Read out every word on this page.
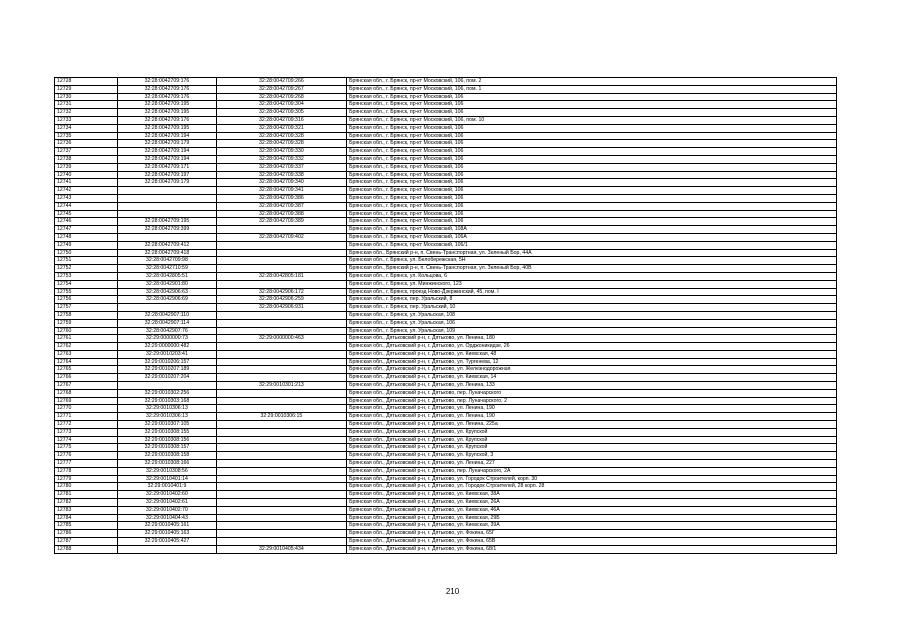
12728	32:28:0042709:176	32:28:0042709:266	Брянская обл., г. Брянск, пр-кт Московский, 106, пом. 2
12729	32:28:0042709:176	32:28:0042709:267	Брянская обл., г. Брянск, пр-кт Московский, 106, пом. 1
12730	32:28:0042709:176	32:28:0042709:268	Брянская обл., г. Брянск, пр-кт Московский, 106
12731	32:28:0042709:195	32:28:0042709:304	Брянская обл., г. Брянск, пр-кт Московский, 106
12732	32:28:0042709:195	32:28:0042709:305	Брянская обл., г. Брянск, пр-кт Московский, 106
12733	32:28:0042709:176	32:28:0042709:316	Брянская обл., г. Брянск, пр-кт Московский, 106, пом. 10
12734	32:28:0042709:195	32:28:0042709:321	Брянская обл., г. Брянск, пр-кт Московский, 106
12735	32:28:0042709:194	32:28:0042709:328	Брянская обл., г. Брянск, пр-кт Московский, 106
12736	32:28:0042709:179	32:28:0042709:328	Брянская обл., г. Брянск, пр-кт Московский, 106
12737	32:28:0042709:194	32:28:0042709:330	Брянская обл., г. Брянск, пр-кт Московский, 106
12738	32:28:0042709:194	32:28:0042709:332	Брянская обл., г. Брянск, пр-кт Московский, 106
12739	32:28:0042709:171	32:28:0042709:337	Брянская обл., г. Брянск, пр-кт Московский, 106
12740	32:28:0042709:197	32:28:0042709:338	Брянская обл., г. Брянск, пр-кт Московский, 106
12741	32:28:0042709:179	32:28:0042709:340	Брянская обл., г. Брянск, пр-кт Московский, 106
12742		32:28:0042709:341	Брянская обл., г. Брянск, пр-кт Московский, 106
12743		32:28:0042709:386	Брянская обл., г. Брянск, пр-кт Московский, 106
12744		32:28:0042709:387	Брянская обл., г. Брянск, пр-кт Московский, 106
12745		32:28:0042709:388	Брянская обл., г. Брянск, пр-кт Московский, 106
12746	32:28:0042709:195	32:28:0042709:389	Брянская обл., г. Брянск, пр-кт Московский, 106
12747	32:28:0042709:399		Брянская обл., г. Брянск, пр-кт Московский, 108А
12748		32:28:0042709:402	Брянская обл., г. Брянск, пр-кт Московский, 106А
12749	32:28:0042709:412		Брянская обл., г. Брянск, пр-кт Московский, 106/1
12750	32:28:0042709:418		Брянская обл., Брянский р-н, п. Свень-Транспортная, ул. Зеленый Бор, 44А
12751	32:28:0042709:98		Брянская обл., г. Брянск, ул. Белобережская, 5Н
12752	32:28:0042710:59		Брянская обл., Брянский р-н, п. Свень-Транспортная, ул. Зеленый Бор, 40В
12753	32:28:0042805:51	32:28:0042805:181	Брянская обл., г. Брянск, ул. Кольцова, 6
12754	32:28:0042901:80		Брянская обл., г. Брянск, ул. Минжинского, 123
12755	32:28:0042906:63	32:28:0042906:172	Брянская обл., г. Брянск, проезд Ново-Дзержинский, 45, пом. I
12756	32:28:0042906:69	32:28:0042906:259	Брянская обл., г. Брянск, пер. Уральский, 8
12757		32:28:0042906:931	Брянская обл., г. Брянск, пер. Уральский, 10
12758	32:28:0042907:110		Брянская обл., г. Брянск, ул. Уральская, 108
12759	32:28:0042907:114		Брянская обл., г. Брянск, ул. Уральская, 106
12760	32:28:0042907:76		Брянская обл., г. Брянск, ул. Уральская, 109
12761	32:29:0000000:73	32:29:0000000:463	Брянская обл., Дятьковский р-н, г. Дятьково, ул. Ленина, 180
12762	32:29:0000000:482		Брянская обл., Дятьковский р-н, г. Дятьково, ул. Орджоникидзе, 26
12763	32:29:0010203:41		Брянская обл., Дятьковский р-н, г. Дятьково, ул. Киевская, 48
12764	32:29:0010206:157		Брянская обл., Дятьковский р-н, г. Дятьково, ул. Тургенева, 12
12765	32:29:0010207:189		Брянская обл., Дятьковский р-н, г. Дятьково, ул. Железнодорожная
12766	32:29:0010207:204		Брянская обл., Дятьковский р-н, г. Дятьково, ул. Киевская, 14
12767		32:29:0010301:213	Брянская обл., Дятьковский р-н, г. Дятьково, ул. Ленина, 133
12768	32:29:0010302:256		Брянская обл., Дятьковский р-н, г. Дятьково, пер. Луначарского
12769	32:29:0010303:168		Брянская обл., Дятьковский р-н, г. Дятьково, пер. Луначарского, 2
12770	32:29:0010306:13		Брянская обл., Дятьковский р-н, г. Дятьково, ул. Ленина, 190
12771	32:29:0010306:13	32:29:0010306:15	Брянская обл., Дятьковский р-н, г. Дятьково, ул. Ленина, 190
12772	32:29:0010307:105		Брянская обл., Дятьковский р-н, г. Дятьково, ул. Ленина, 225а
12773	32:29:0010308:155		Брянская обл., Дятьковский р-н, г. Дятьково, ул. Крупской
12774	32:29:0010308:156		Брянская обл., Дятьковский р-н, г. Дятьково, ул. Крупской
12775	32:29:0010308:157		Брянская обл., Дятьковский р-н, г. Дятьково, ул. Крупской
12776	32:29:0010308:158		Брянская обл., Дятьковский р-н, г. Дятьково, ул. Крупской, 3
12777	32:29:0010308:166		Брянская обл., Дятьковский р-н, г. Дятьково, ул. Ленина, 227
12778	32:29:0010308:56		Брянская обл., Дятьковский р-н, г. Дятьково, пер. Луначарского, 2А
12779	32:29:0010401:14		Брянская обл., Дятьковский р-н, г. Дятьково, ул. Городок Строителей, корп. 30
12780	32:29:0010401:9		Брянская обл., Дятьковский р-н, г. Дятьково, ул. Городок Строителей, 28 корп. 28
12781	32:29:0010402:60		Брянская обл., Дятьковский р-н, г. Дятьково, ул. Киевская, 38А
12782	32:29:0010402:61		Брянская обл., Дятьковский р-н, г. Дятьково, ул. Киевская, 26А
12783	32:29:0010402:70		Брянская обл., Дятьковский р-н, г. Дятьково, ул. Киевская, 46А
12784	32:29:0010404:43		Брянская обл., Дятьковский р-н, г. Дятьково, ул. Киевская, 29Б
12785	32:29:0010405:161		Брянская обл., Дятьковский р-н, г. Дятьково, ул. Киевская, 39А
12786	32:29:0010405:163		Брянская обл., Дятьковский р-н, г. Дятьково, ул. Фокина, 65Г
12787	32:29:0010405:427		Брянская обл., Дятьковский р-н, г. Дятьково, ул. Фокина, 65В
12788		32:29:0010405:434	Брянская обл., Дятьковский р-н, г. Дятьково, ул. Фокина, 68/1
210
